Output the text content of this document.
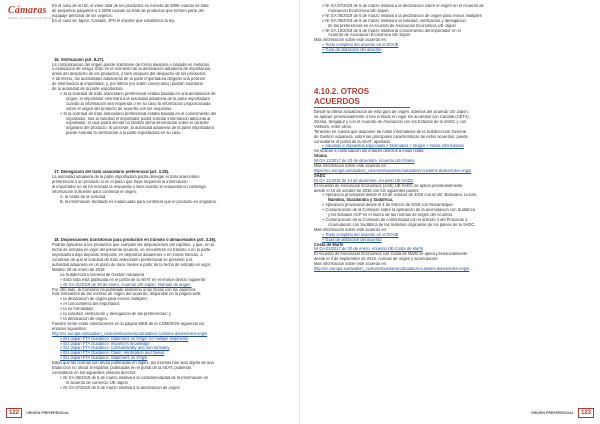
En el caso de la UE, el valor total de los productos no exceda de 500€ cuando se trate

de pequeños paquetes o 1.000€ cuando se trate de productos que formen parte del

equipaje personal de los viajeros.

En el caso de Japón, Canadá, JPN el importe que establezca la ley.

16. Verificación (art. 8.27).

La comprobación del origen puede solicitarse de forma aleatoria o basada en métodos

o evaluación de riesgo. Esto en el momento de la declaración aduanera de importación,

antes del despacho de los productos, o bien después del despacho de los productos.

A tal efecto, las autoridades aduaneras de la parte importadora dirigirán una petición

de información al importador, y, por último (en orden consecutivo) podrán solicitarla

de la autoridad de la parte exportadora.

» Si la solicitud de trato arancelario preferencial estaba basada en una declaración de

origen, el importador informará a la autoridad aduanera de la parte importadora

cuando la información sea requerida o en su caso la información proporcionada

sobre el origen del producto de acuerdo con los requisitos.

» Si la solicitud de trato arancelario preferencial estaba basada en el conocimiento del

importador, tras la solicitud el importador podrá solicitar información adicional al

exportador, el cual podrá decidir no facilitar dicha información sobre el carácter

originario del producto. Si procede, la autoridad aduanera de la parte importadora

puede solicitar la verificación a la parte exportadora en su caso.

17. Denegación del trato arancelario preferencial (art. 3.28).

La autoridad aduanera de la parte importadora podrá denegar el trato arancelario

preferencial a un producto si en el plazo que haya requerido la información

al importador no se ha recibido la respuesta o bien cuando la respuesta no contenga

información suficiente para confirmar el origen.

A. la caída de la solicitud.

B. la información facilitada es inadecuada para confirmar que el producto es originario.

18. Disposiciones transitorias para productos en tránsito o almacenados (art. 3.29).

Podrán aplicarse a los productos que cumplan las disposiciones del capítulo, y que, en la

fecha de entrada en vigor del presente acuerdo, se encuentren en tránsito o en la parte

importadora bajo depósito temporal, en depósitos aduaneros o en zonas francas, a

condición de que la solicitud de trato arancelario preferencial se presente a la

autoridad aduanera en un plazo de doce meses a partir de la fecha de entrada en vigor.

Madrid, 28 de enero de 2019

La Subdirectora General de Gestión Aduanera

» Esta nota está publicada en el portal de la AEAT en el enlace directo siguiente:

» NI GA 01/2019 de 28 de enero. Acuerdo UE-Japón. Normas de origen.

Por otro lado, la Comisión ha publicado asimismo unas Guías con los aspectos

más relevantes de las normas de origen del acuerdo, disponible en la página web:

» la declaración de origen para envíos múltiples;

» el conocimiento del importador;

» la no formalidad;

» la solicitud, verificación y denegación de las preferencias; y

» la declaración de origen.

Pueden verse estas orientaciones en la página WEB de la COMISIÓN siguiendo los

enlaces siguientes:

http://ec.europa.eu/taxation_customs/business/calculation-customs-duties/rules-origin

» EU-Japan FTA Guidance: Statement on Origin for multiple shipments

» EU-Japan FTA Guidance: Importer's knowledge

» EU-Japan FTA Guidance: Confidentiality and non-formality

» EU-Japan FTA Guidance: Claim, Verification and Denial

» EU-Japan FTA Guidance: Statement on Origin

Dado que las normas son ahora publicadas en inglés, las mismas han sido objeto de una

traducción no oficial al español, publicadas en el portal de la AEAT, pudiendo

consultarse en los siguientes enlaces directos:

» NI GA 06/2019 de 5 de marzo relativa a la confidencialidad de la información en

el acuerdo de comercio UE-Japón

» NI GA 07/2019 de 5 de marzo relativa a la declaración de origen

122	ORIGEN PREFERENCIAL

» NI GA 07/2019 de 5 de marzo relativa a la declaración sobre el origen en el Acuerdo de

Asociación Económica UE-Japón

» NI GA 08/2019 de 5 de marzo relativa a la declaración de origen para envíos múltiples

» NI GA 09/2019 de 5 de marzo relativa a la solicitud, verificación y denegación

de las preferencias en el Acuerdo de Asociación Económica UE-Japón

» NI GA 10/2019 de 5 de marzo relativa al conocimiento del importador en el

Acuerdo de Asociación Económica UE-Japón

Más información sobre este acuerdo en:

» Texto completo del acuerdo en el DOUE

» Guía de utilización del acuerdo

4.10.2. OTROS ACUERDOS

Desde la última actualización de esta guía de origen, además del acuerdo UE-Japón,

se aplican provisionalmente o han entrado en vigor los acuerdos con Canadá (CETA),

Ghana, Singapur y con el Acuerdo de Asociación con los Estados de la SADC y con

Vietnam, entre otros.

Teniendo en cuenta que disponen de notas informativas de la Subdirección General

de Gestión Aduanera, sobre las principales características de estos acuerdos, puede

consultarse el portal de la AEAT, apartado:

» Aduanas e impuestos especiales > Normativa > Origen > Notas informativas

Se indican a continuación los enlaces directos a estas notas:

Ghana

NI GA 12/2017 de 23 de diciembre. Acuerdo UE-Ghana

Más información sobre este acuerdo en:

https://ec.europa.eu/taxation_customs/business/calculation-customs-duties/rules-origin

SADC

NI GA 11/2016 de 14 de diciembre. Acuerdo UE-SADC

El Acuerdo de Asociación Económica (AAE) UE-SADC se aplica provisionalmente

desde el 10 de octubre de 2016 con los siguientes países:

» Aplicación provisional desde el 10 de octubre de 2016 con la UE: Botsuana, Lesoto,

Namibia, Suazilandia y Sudáfrica.

» Aplicación provisional desde el 4 de febrero de 2018 con Mozambique.

» Comunicación de la Comisión sobre la aplicación de la acumulación con Sudáfrica

y los Estados ACP en el marco de las normas de origen del Acuerdo.

» Comunicación de la Comisión de conformidad con el artículo 4 del Protocolo 1.

Acumulación con Sudáfrica de las materias originarias de los países de la SADC.

Más información sobre este acuerdo en:

» Texto completo del acuerdo en el DOUE

» Guía de utilización del acuerdo

Costa de Marfil

NI GA 02/2017 de 20 de enero. Acuerdo UE-Costa de Marfil

El Acuerdo de Asociación Económica con Costa de Marfil se aplica provisionalmente

desde el 3 de septiembre de 2016, normas de origen y acumulación:

Más información sobre este acuerdo en:

http://ec.europa.eu/taxation_customs/business/calculation-customs-duties/rules-origin

123
ORIGEN PREFERENCIAL
Cámaras
Cámara de Comercio de España
